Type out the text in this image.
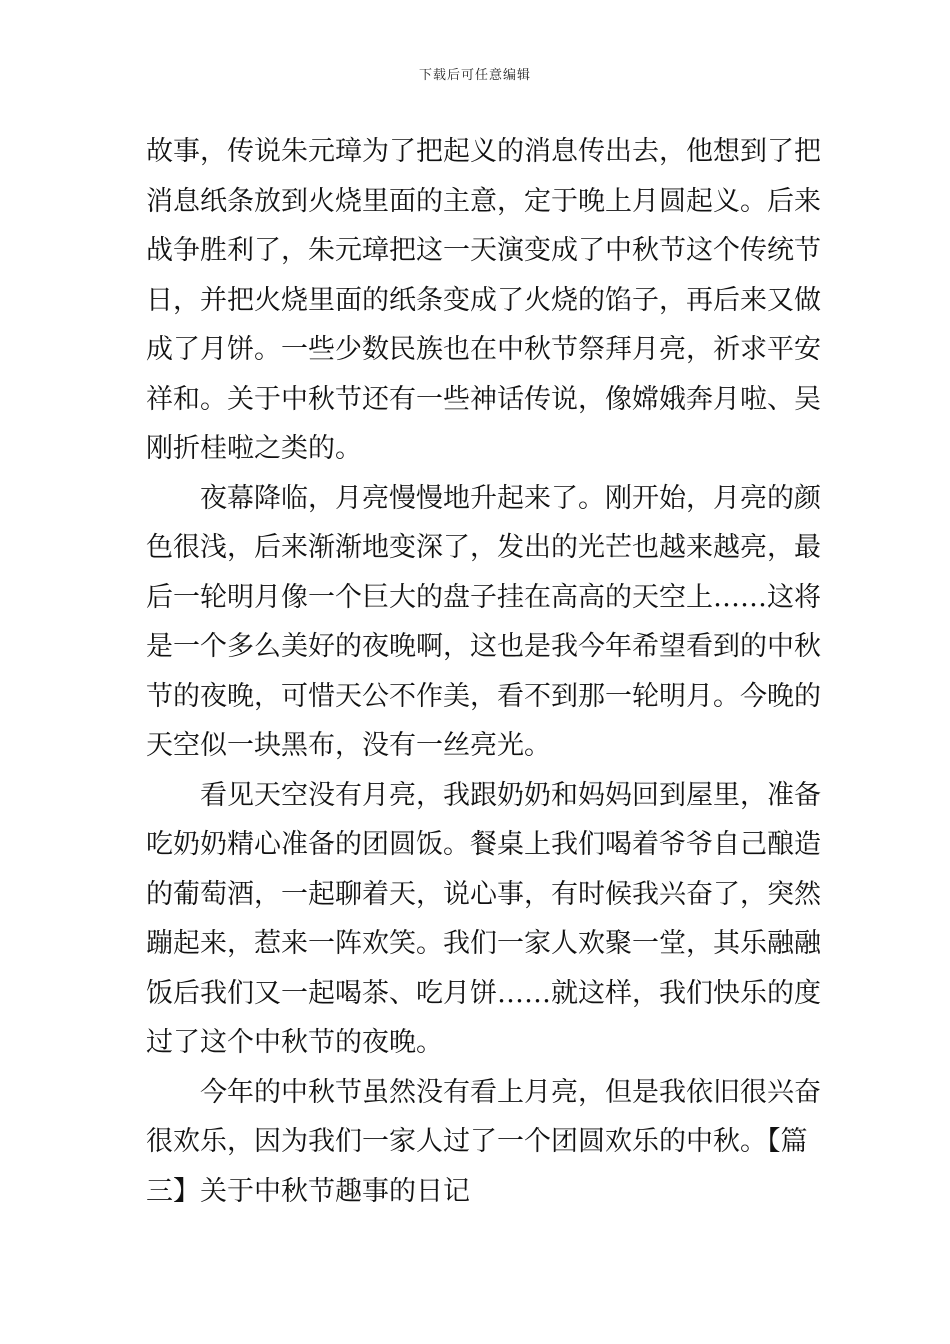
下载后可任意编辑
故事，传说朱元璋为了把起义的消息传出去，他想到了把
消息纸条放到火烧里面的主意，定于晚上月圆起义。后来
战争胜利了，朱元璋把这一天演变成了中秋节这个传统节
日，并把火烧里面的纸条变成了火烧的馅子，再后来又做
成了月饼。一些少数民族也在中秋节祭拜月亮，祈求平安
祥和。关于中秋节还有一些神话传说，像嫦娥奔月啦、吴
刚折桂啦之类的。
夜幕降临，月亮慢慢地升起来了。刚开始，月亮的颜
色很浅，后来渐渐地变深了，发出的光芒也越来越亮，最
后一轮明月像一个巨大的盘子挂在高高的天空上……这将
是一个多么美好的夜晚啊，这也是我今年希望看到的中秋
节的夜晚，可惜天公不作美，看不到那一轮明月。今晚的
天空似一块黑布，没有一丝亮光。
看见天空没有月亮，我跟奶奶和妈妈回到屋里，准备
吃奶奶精心准备的团圆饭。餐桌上我们喝着爷爷自己酿造
的葡萄酒，一起聊着天，说心事，有时候我兴奋了，突然
蹦起来，惹来一阵欢笑。我们一家人欢聚一堂，其乐融融
饭后我们又一起喝茶、吃月饼……就这样，我们快乐的度
过了这个中秋节的夜晚。
今年的中秋节虽然没有看上月亮，但是我依旧很兴奋
很欢乐，因为我们一家人过了一个团圆欢乐的中秋。【篇
三】关于中秋节趣事的日记
